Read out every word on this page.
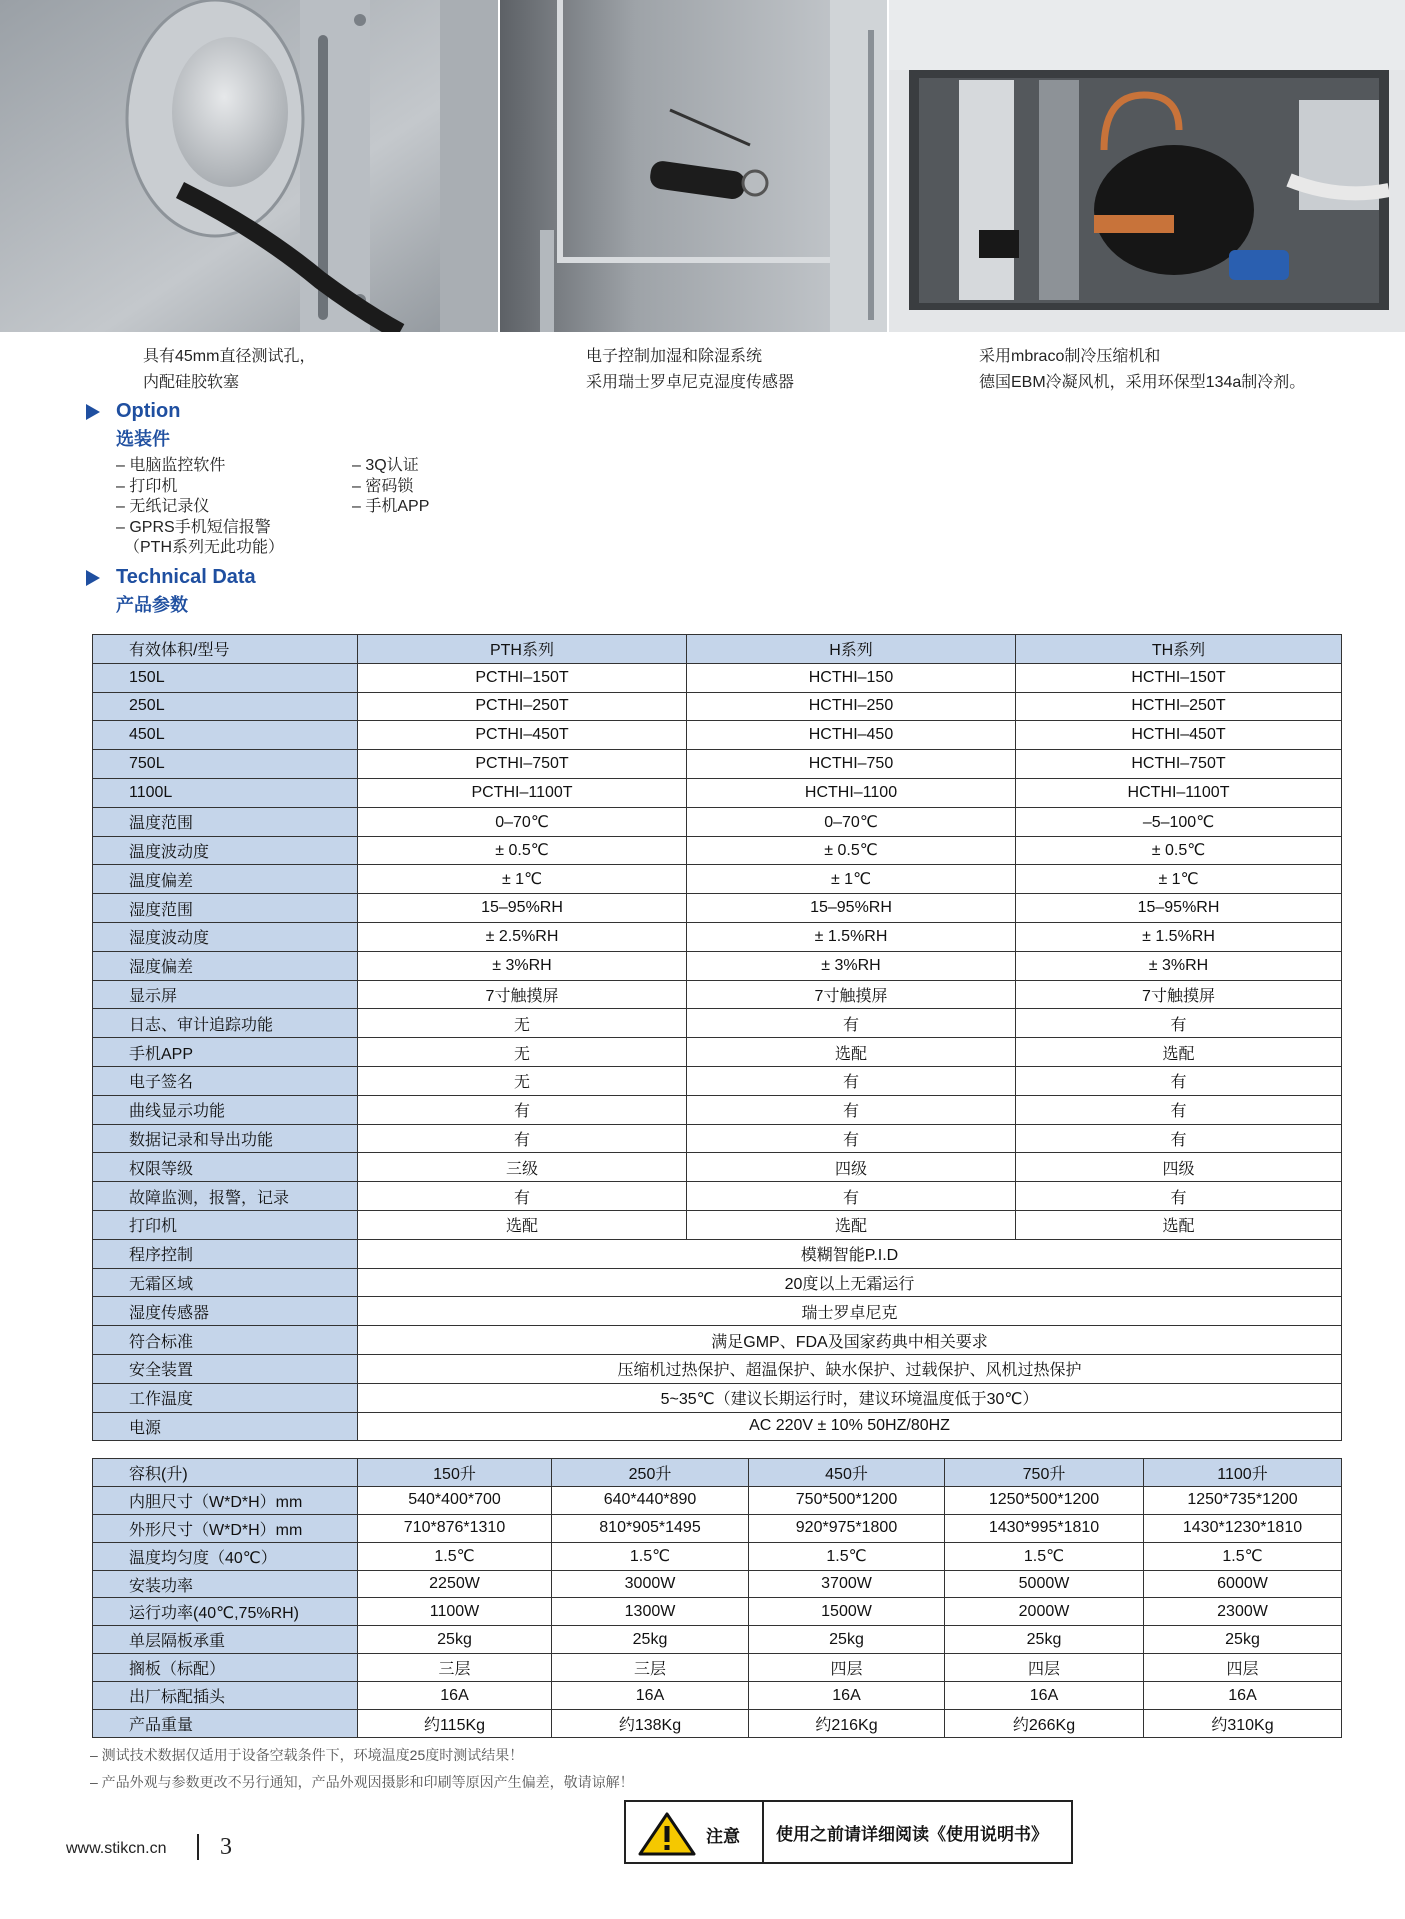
具有45mm直径测试孔，
内配硅胶软塞
电子控制加湿和除湿系统
采用瑞士罗卓尼克湿度传感器
采用mbraco制冷压缩机和
德国EBM冷凝风机，采用环保型134a制冷剂。
Option
选装件
– 电脑监控软件
– 打印机
– 无纸记录仪
– GPRS手机短信报警
（PTH系列无此功能）
– 3Q认证
– 密码锁
– 手机APP
Technical Data
产品参数
有效体积/型号	PTH系列	H系列	TH系列
150L	PCTHI–150T	HCTHI–150	HCTHI–150T
250L	PCTHI–250T	HCTHI–250	HCTHI–250T
450L	PCTHI–450T	HCTHI–450	HCTHI–450T
750L	PCTHI–750T	HCTHI–750	HCTHI–750T
1100L	PCTHI–1100T	HCTHI–1100	HCTHI–1100T
温度范围	0–70℃	0–70℃	–5–100℃
温度波动度	± 0.5℃	± 0.5℃	± 0.5℃
温度偏差	± 1℃	± 1℃	± 1℃
湿度范围	15–95%RH	15–95%RH	15–95%RH
湿度波动度	± 2.5%RH	± 1.5%RH	± 1.5%RH
湿度偏差	± 3%RH	± 3%RH	± 3%RH
显示屏	7寸触摸屏	7寸触摸屏	7寸触摸屏
日志、审计追踪功能	无	有	有
手机APP	无	选配	选配
电子签名	无	有	有
曲线显示功能	有	有	有
数据记录和导出功能	有	有	有
权限等级	三级	四级	四级
故障监测，报警，记录	有	有	有
打印机	选配	选配	选配
程序控制	模糊智能P.I.D		
无霜区域	20度以上无霜运行		
湿度传感器	瑞士罗卓尼克		
符合标准	满足GMP、FDA及国家药典中相关要求		
安全装置	压缩机过热保护、超温保护、缺水保护、过载保护、风机过热保护		
工作温度	5~35℃（建议长期运行时，建议环境温度低于30℃）		
电源	AC 220V ± 10% 50HZ/80HZ		
容积(升)	150升	250升	450升	750升	1100升
内胆尺寸（W*D*H）mm	540*400*700	640*440*890	750*500*1200	1250*500*1200	1250*735*1200
外形尺寸（W*D*H）mm	710*876*1310	810*905*1495	920*975*1800	1430*995*1810	1430*1230*1810
温度均匀度（40℃）	1.5℃	1.5℃	1.5℃	1.5℃	1.5℃
安装功率	2250W	3000W	3700W	5000W	6000W
运行功率(40℃,75%RH)	1100W	1300W	1500W	2000W	2300W
单层隔板承重	25kg	25kg	25kg	25kg	25kg
搁板（标配）	三层	三层	四层	四层	四层
出厂标配插头	16A	16A	16A	16A	16A
产品重量	约115Kg	约138Kg	约216Kg	约266Kg	约310Kg
– 测试技术数据仅适用于设备空载条件下，环境温度25度时测试结果！
– 产品外观与参数更改不另行通知，产品外观因摄影和印刷等原因产生偏差，敬请谅解！
www.stikcn.cn 3	注意	使用之前请详细阅读《使用说明书》
